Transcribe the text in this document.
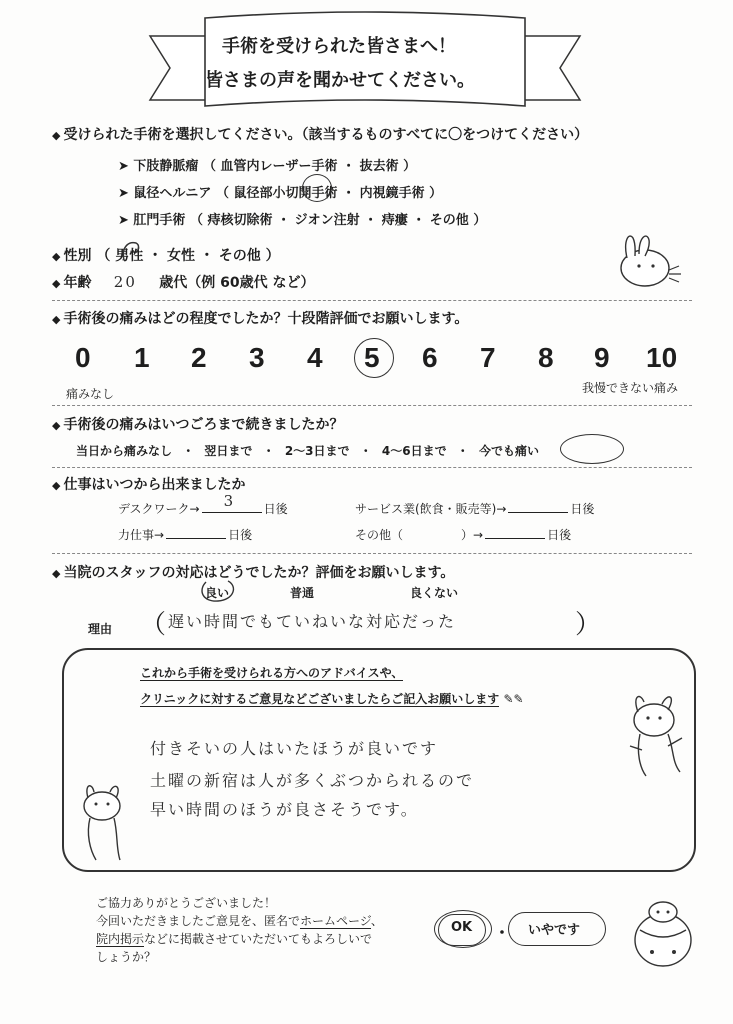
手術を受けられた皆さまへ！
皆さまの声を聞かせてください。
◆ 受けられた手術を選択してください。（該当するものすべてに〇をつけてください）
➤ 下肢静脈瘤 （ 血管内レーザー手術 ・ 抜去術 ）
➤ 鼠径ヘルニア （ 鼠径部小切開手術 ・ 内視鏡手術 ）
➤ 肛門手術 （ 痔核切除術 ・ ジオン注射 ・ 痔瘻 ・ その他 ）
◆ 性別 （ 男性 ・ 女性 ・ その他 ）
◆ 年齢 20 歳代（例 60歳代 など）
◆ 手術後の痛みはどの程度でしたか？十段階評価でお願いします。
0 1 2 3 4 5 6 7 8 9 10
痛みなし	我慢できない痛み
◆ 手術後の痛みはいつごろまで続きましたか？
当日から痛みなし ・ 翌日まで ・ 2～3日まで ・ 4～6日まで ・ 今でも痛い
◆ 仕事はいつから出来ましたか
デスクワーク→ 3 日後	サービス業(飲食・販売等)→	日後
力仕事→	日後	その他（	）→	日後
◆ 当院のスタッフの対応はどうでしたか？評価をお願いします。
良い	普通	良くない
理由 （ 遅い時間でもていねいな対応だった	）
これから手術を受けられる方へのアドバイスや、
クリニックに対するご意見などございましたらご記入お願いします ✎✎
付きそいの人はいたほうが良いです
土曜の新宿は人が多くぶつかられるので
早い時間のほうが良さそうです。
ご協力ありがとうございました！
今回いただきましたご意見を、匿名でホームページ、
院内掲示などに掲載させていただいてもよろしいで
しょうか？
いやです
・
OK
